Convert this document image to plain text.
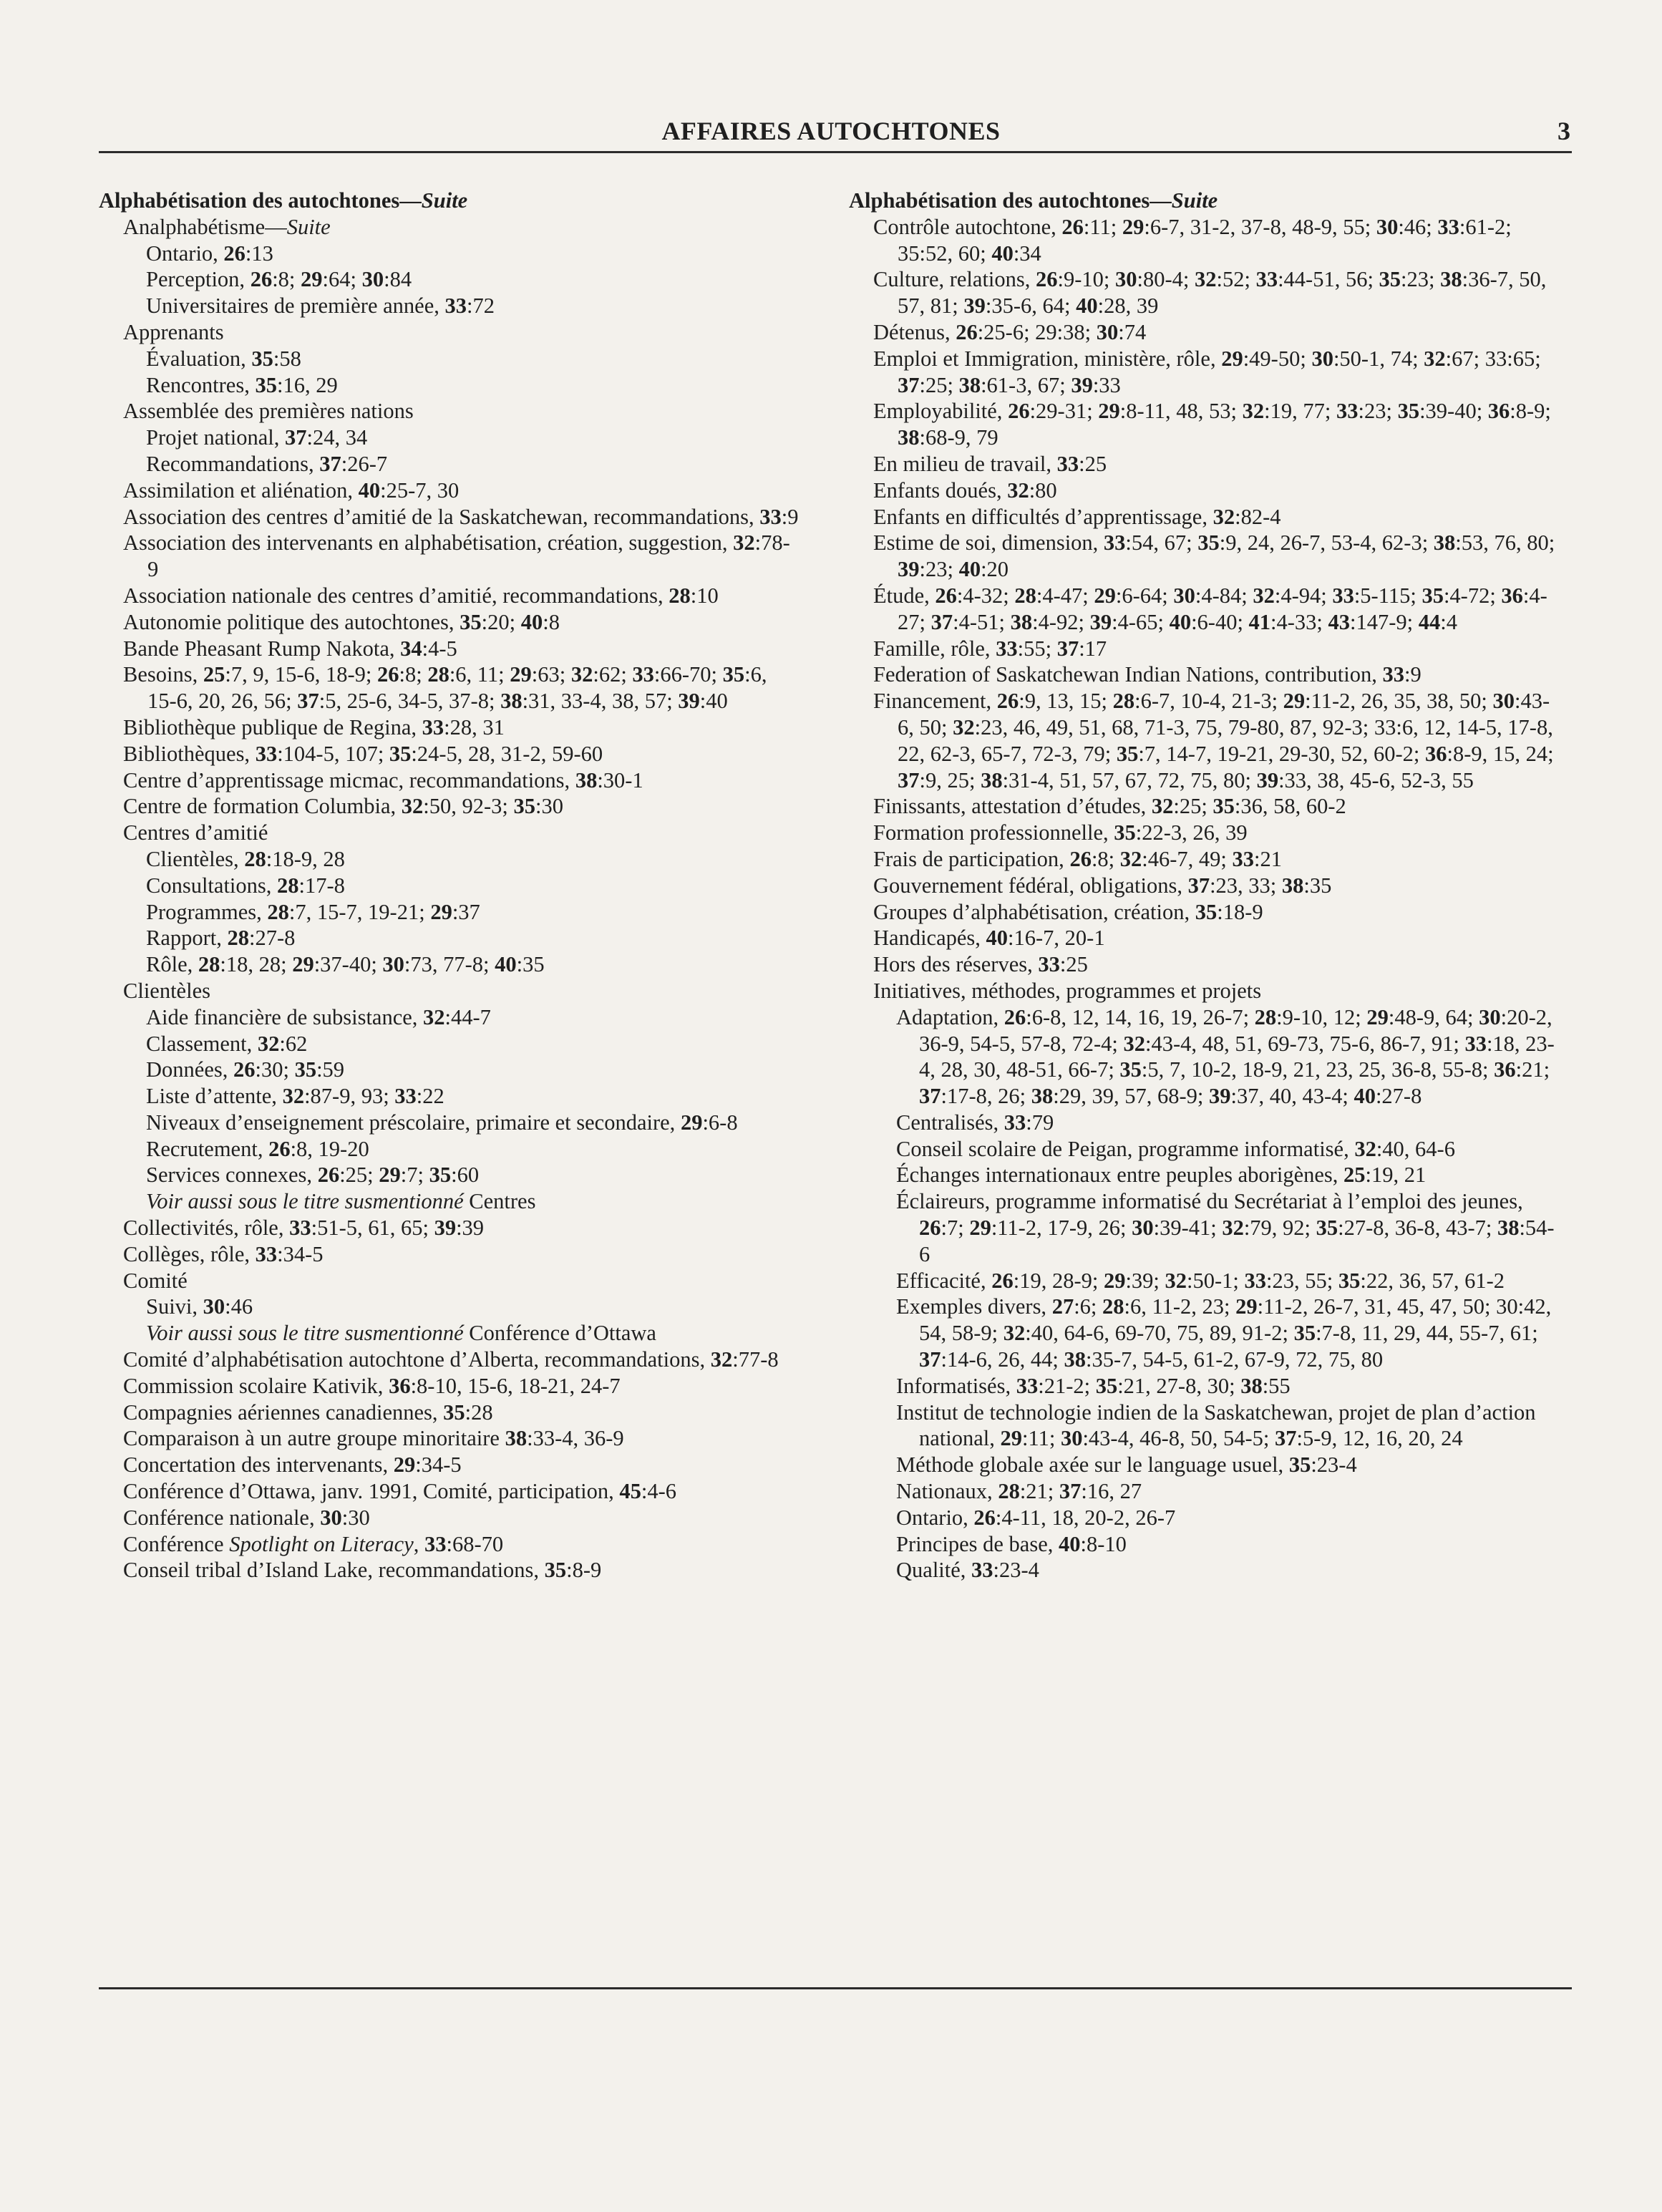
AFFAIRES AUTOCHTONES	3
Alphabétisation des autochtones—Suite
Analphabétisme—Suite
Ontario, 26:13
Perception, 26:8; 29:64; 30:84
Universitaires de première année, 33:72
Apprenants
Évaluation, 35:58
Rencontres, 35:16, 29
Assemblée des premières nations
Projet national, 37:24, 34
Recommandations, 37:26-7
Assimilation et aliénation, 40:25-7, 30
Association des centres d’amitié de la Saskatchewan, recommandations, 33:9
Association des intervenants en alphabétisation, création, suggestion, 32:78-9
Association nationale des centres d’amitié, recommandations, 28:10
Autonomie politique des autochtones, 35:20; 40:8
Bande Pheasant Rump Nakota, 34:4-5
Besoins, 25:7, 9, 15-6, 18-9; 26:8; 28:6, 11; 29:63; 32:62; 33:66-70; 35:6, 15-6, 20, 26, 56; 37:5, 25-6, 34-5, 37-8; 38:31, 33-4, 38, 57; 39:40
Bibliothèque publique de Regina, 33:28, 31
Bibliothèques, 33:104-5, 107; 35:24-5, 28, 31-2, 59-60
Centre d’apprentissage micmac, recommandations, 38:30-1
Centre de formation Columbia, 32:50, 92-3; 35:30
Centres d’amitié
Clientèles, 28:18-9, 28
Consultations, 28:17-8
Programmes, 28:7, 15-7, 19-21; 29:37
Rapport, 28:27-8
Rôle, 28:18, 28; 29:37-40; 30:73, 77-8; 40:35
Clientèles
Aide financière de subsistance, 32:44-7
Classement, 32:62
Données, 26:30; 35:59
Liste d’attente, 32:87-9, 93; 33:22
Niveaux d’enseignement préscolaire, primaire et secondaire, 29:6-8
Recrutement, 26:8, 19-20
Services connexes, 26:25; 29:7; 35:60
Voir aussi sous le titre susmentionné Centres
Collectivités, rôle, 33:51-5, 61, 65; 39:39
Collèges, rôle, 33:34-5
Comité
Suivi, 30:46
Voir aussi sous le titre susmentionné Conférence d’Ottawa
Comité d’alphabétisation autochtone d’Alberta, recommandations, 32:77-8
Commission scolaire Kativik, 36:8-10, 15-6, 18-21, 24-7
Compagnies aériennes canadiennes, 35:28
Comparaison à un autre groupe minoritaire 38:33-4, 36-9
Concertation des intervenants, 29:34-5
Conférence d’Ottawa, janv. 1991, Comité, participation, 45:4-6
Conférence nationale, 30:30
Conférence Spotlight on Literacy, 33:68-70
Conseil tribal d’Island Lake, recommandations, 35:8-9
Alphabétisation des autochtones—Suite
Contrôle autochtone, 26:11; 29:6-7, 31-2, 37-8, 48-9, 55; 30:46; 33:61-2; 35:52, 60; 40:34
Culture, relations, 26:9-10; 30:80-4; 32:52; 33:44-51, 56; 35:23; 38:36-7, 50, 57, 81; 39:35-6, 64; 40:28, 39
Détenus, 26:25-6; 29:38; 30:74
Emploi et Immigration, ministère, rôle, 29:49-50; 30:50-1, 74; 32:67; 33:65; 37:25; 38:61-3, 67; 39:33
Employabilité, 26:29-31; 29:8-11, 48, 53; 32:19, 77; 33:23; 35:39-40; 36:8-9; 38:68-9, 79
En milieu de travail, 33:25
Enfants doués, 32:80
Enfants en difficultés d’apprentissage, 32:82-4
Estime de soi, dimension, 33:54, 67; 35:9, 24, 26-7, 53-4, 62-3; 38:53, 76, 80; 39:23; 40:20
Étude, 26:4-32; 28:4-47; 29:6-64; 30:4-84; 32:4-94; 33:5-115; 35:4-72; 36:4-27; 37:4-51; 38:4-92; 39:4-65; 40:6-40; 41:4-33; 43:147-9; 44:4
Famille, rôle, 33:55; 37:17
Federation of Saskatchewan Indian Nations, contribution, 33:9
Financement, 26:9, 13, 15; 28:6-7, 10-4, 21-3; 29:11-2, 26, 35, 38, 50; 30:43-6, 50; 32:23, 46, 49, 51, 68, 71-3, 75, 79-80, 87, 92-3; 33:6, 12, 14-5, 17-8, 22, 62-3, 65-7, 72-3, 79; 35:7, 14-7, 19-21, 29-30, 52, 60-2; 36:8-9, 15, 24; 37:9, 25; 38:31-4, 51, 57, 67, 72, 75, 80; 39:33, 38, 45-6, 52-3, 55
Finissants, attestation d’études, 32:25; 35:36, 58, 60-2
Formation professionnelle, 35:22-3, 26, 39
Frais de participation, 26:8; 32:46-7, 49; 33:21
Gouvernement fédéral, obligations, 37:23, 33; 38:35
Groupes d’alphabétisation, création, 35:18-9
Handicapés, 40:16-7, 20-1
Hors des réserves, 33:25
Initiatives, méthodes, programmes et projets
Adaptation, 26:6-8, 12, 14, 16, 19, 26-7; 28:9-10, 12; 29:48-9, 64; 30:20-2, 36-9, 54-5, 57-8, 72-4; 32:43-4, 48, 51, 69-73, 75-6, 86-7, 91; 33:18, 23-4, 28, 30, 48-51, 66-7; 35:5, 7, 10-2, 18-9, 21, 23, 25, 36-8, 55-8; 36:21; 37:17-8, 26; 38:29, 39, 57, 68-9; 39:37, 40, 43-4; 40:27-8
Centralisés, 33:79
Conseil scolaire de Peigan, programme informatisé, 32:40, 64-6
Échanges internationaux entre peuples aborigènes, 25:19, 21
Éclaireurs, programme informatisé du Secrétariat à l’emploi des jeunes, 26:7; 29:11-2, 17-9, 26; 30:39-41; 32:79, 92; 35:27-8, 36-8, 43-7; 38:54-6
Efficacité, 26:19, 28-9; 29:39; 32:50-1; 33:23, 55; 35:22, 36, 57, 61-2
Exemples divers, 27:6; 28:6, 11-2, 23; 29:11-2, 26-7, 31, 45, 47, 50; 30:42, 54, 58-9; 32:40, 64-6, 69-70, 75, 89, 91-2; 35:7-8, 11, 29, 44, 55-7, 61; 37:14-6, 26, 44; 38:35-7, 54-5, 61-2, 67-9, 72, 75, 80
Informatisés, 33:21-2; 35:21, 27-8, 30; 38:55
Institut de technologie indien de la Saskatchewan, projet de plan d’action national, 29:11; 30:43-4, 46-8, 50, 54-5; 37:5-9, 12, 16, 20, 24
Méthode globale axée sur le language usuel, 35:23-4
Nationaux, 28:21; 37:16, 27
Ontario, 26:4-11, 18, 20-2, 26-7
Principes de base, 40:8-10
Qualité, 33:23-4
